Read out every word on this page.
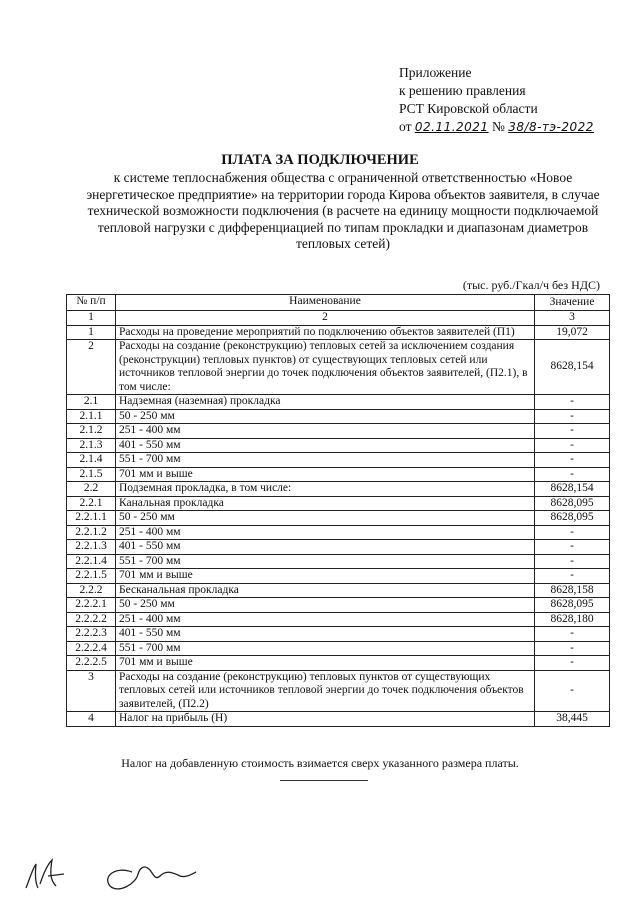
Приложение
к решению правления
РСТ Кировской области
от 02.11.2021 № 38/8-тэ-2022
ПЛАТА ЗА ПОДКЛЮЧЕНИЕ
к системе теплоснабжения общества с ограниченной ответственностью «Новое энергетическое предприятие» на территории города Кирова объектов заявителя, в случае технической возможности подключения (в расчете на единицу мощности подключаемой тепловой нагрузки с дифференциацией по типам прокладки и диапазонам диаметров тепловых сетей)
(тыс. руб./Гкал/ч без НДС)
№ п/п	Наименование	Значение
1	2	3
1	Расходы на проведение мероприятий по подключению объектов заявителей (П1)	19,072
2	Расходы на создание (реконструкцию) тепловых сетей за исключением создания (реконструкции) тепловых пунктов) от существующих тепловых сетей или источников тепловой энергии до точек подключения объектов заявителей, (П2.1), в том числе:	8628,154
2.1	Надземная (наземная) прокладка	-
2.1.1	50 - 250 мм	-
2.1.2	251 - 400 мм	-
2.1.3	401 - 550 мм	-
2.1.4	551 - 700 мм	-
2.1.5	701 мм и выше	-
2.2	Подземная прокладка, в том числе:	8628,154
2.2.1	Канальная прокладка	8628,095
2.2.1.1	50 - 250 мм	8628,095
2.2.1.2	251 - 400 мм	-
2.2.1.3	401 - 550 мм	-
2.2.1.4	551 - 700 мм	-
2.2.1.5	701 мм и выше	-
2.2.2	Бесканальная прокладка	8628,158
2.2.2.1	50 - 250 мм	8628,095
2.2.2.2	251 - 400 мм	8628,180
2.2.2.3	401 - 550 мм	-
2.2.2.4	551 - 700 мм	-
2.2.2.5	701 мм и выше	-
3	Расходы на создание (реконструкцию) тепловых пунктов от существующих тепловых сетей или источников тепловой энергии до точек подключения объектов заявителей, (П2.2)	-
4	Налог на прибыль (Н)	38,445
Налог на добавленную стоимость взимается сверх указанного размера платы.
